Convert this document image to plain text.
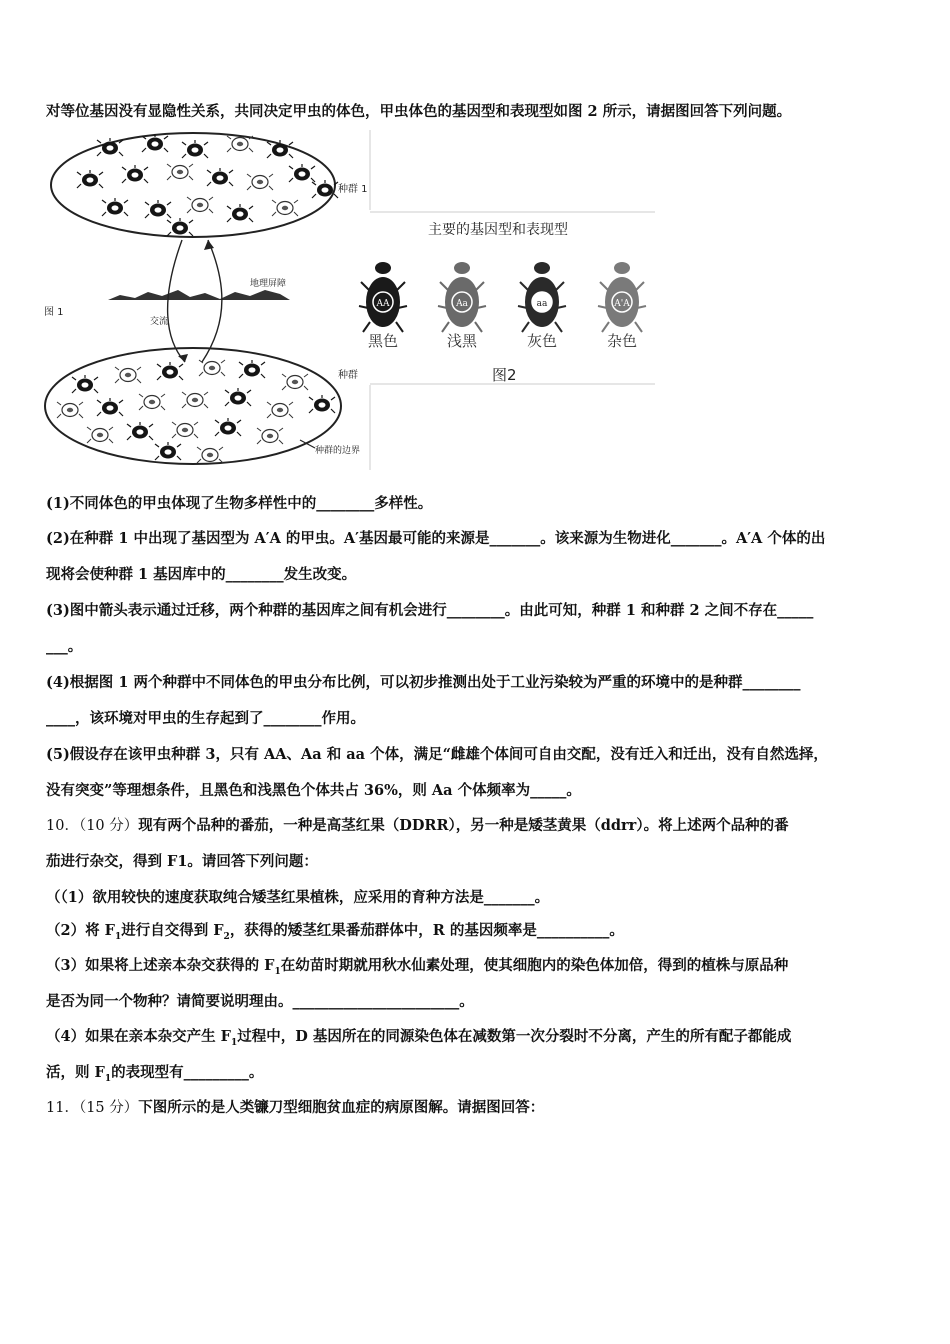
对等位基因没有显隐性关系，共同决定甲虫的体色，甲虫体色的基因型和表现型如图 2 所示，请据图回答下列问题。
图 1
种群 1
种群
地理屏障
交流
种群的边界
主要的基因型和表现型
AA
黑色
Aa
浅黑
aa
灰色
A'A
杂色
图2
(1)不同体色的甲虫体现了生物多样性中的________多样性。
(2)在种群 1 中出现了基因型为 A′A 的甲虫。A′基因最可能的来源是_______。该来源为生物进化_______。A′A 个体的出
现将会使种群 1 基因库中的________发生改变。
(3)图中箭头表示通过迁移，两个种群的基因库之间有机会进行________。由此可知，种群 1 和种群 2 之间不存在_____
___。
(4)根据图 1 两个种群中不同体色的甲虫分布比例，可以初步推测出处于工业污染较为严重的环境中的是种群________
____，该环境对甲虫的生存起到了________作用。
(5)假设存在该甲虫种群 3，只有 AA、Aa 和 aa 个体，满足“雌雄个体间可自由交配，没有迁入和迁出，没有自然选择，
没有突变”等理想条件，且黑色和浅黑色个体共占 36%，则 Aa 个体频率为_____。
10．（10 分）现有两个品种的番茄，一种是高茎红果（DDRR），另一种是矮茎黄果（ddrr）。将上述两个品种的番
茄进行杂交，得到 F1。请回答下列问题：
（（1）欲用较快的速度获取纯合矮茎红果植株，应采用的育种方法是_______。
（2）将 $F_1$进行自交得到 $F_2$，获得的矮茎红果番茄群体中，R 的基因频率是__________。
（3）如果将上述亲本杂交获得的 $F_1$在幼苗时期就用秋水仙素处理，使其细胞内的染色体加倍，得到的植株与原品种
是否为同一个物种？请简要说明理由。_______________________。
（4）如果在亲本杂交产生 $F_1$过程中，D 基因所在的同源染色体在减数第一次分裂时不分离，产生的所有配子都能成
活，则 $F_1$的表现型有_________。
11．（15 分）下图所示的是人类镰刀型细胞贫血症的病原图解。请据图回答：
